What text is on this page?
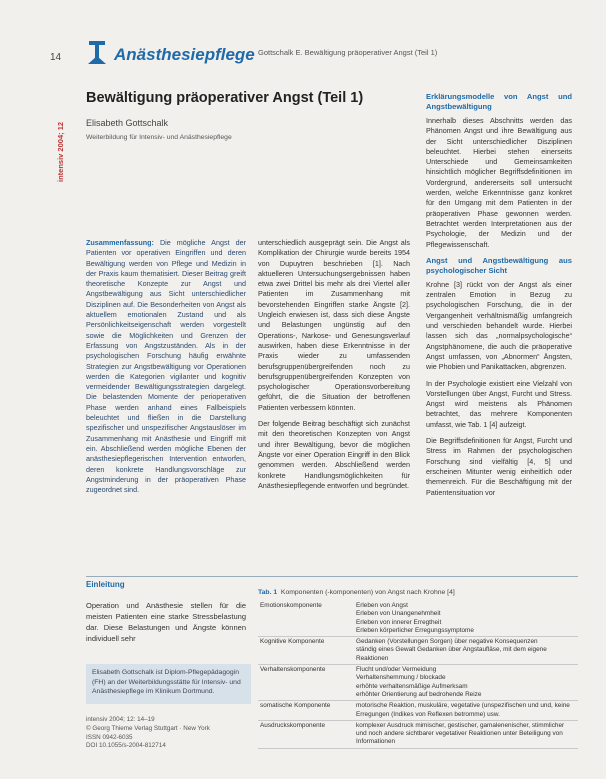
14	Anästhesiepflege Gottschalk E. Bewältigung präoperativer Angst (Teil 1)
intensiv 2004; 12
Bewältigung präoperativer Angst (Teil 1)
Elisabeth Gottschalk
Weiterbildung für Intensiv- und Anästhesiepflege

Zusammenfassung: Die mögliche Angst der Patienten vor operativen Eingriffen und deren Bewältigung werden von Pflege und Medizin in der Praxis kaum thematisiert. Dieser Beitrag greift theoretische Konzepte zur Angst und Angstbewältigung aus Sicht unterschiedlicher Disziplinen auf. Die Besonderheiten von Angst als aktuellem emotionalen Zustand und als Persönlichkeitseigenschaft werden vorgestellt sowie die Möglichkeiten und Grenzen der Erfassung von Angstzuständen. Als in der psychologischen Forschung häufig erwähnte Strategien zur Angstbewältigung vor Operationen werden die Kategorien vigilanter und kognitiv vermeidender Bewältigungsstrategien dargelegt. Die belastenden Momente der perioperativen Phase werden anhand eines Fallbeispiels beleuchtet und fließen in die Darstellung spezifischer und unspezifischer Angstauslöser im Zusammenhang mit Anästhesie und Eingriff mit ein. Abschließend werden mögliche Ebenen der anästhesiepflegerischen Intervention entworfen, deren konkrete Handlungsvorschläge zur Angstminderung in der präoperativen Phase zugeordnet sind.

unterschiedlich ausgeprägt sein. Die Angst als Komplikation der Chirurgie wurde bereits 1954 von Dupuytren beschrieben [1]. Nach aktuelleren Untersuchungsergebnissen haben etwa zwei Drittel bis mehr als drei Viertel aller Patienten im Zusammenhang mit bevorstehenden Eingriffen starke Ängste [2]. Ungleich erwiesen ist, dass sich diese Ängste und Belastungen ungünstig auf den Operations-, Narkose- und Genesungsverlauf auswirken, haben diese Erkenntnisse in der Praxis wieder zu umfassenden berufsgruppenübergreifenden noch zu berufsgruppenübergreifenden Konzepten von psychologischer Operationsvorbereitung geführt, die die Situation der betroffenen Patienten verbessern könnten.

Der folgende Beitrag beschäftigt sich zunächst mit den theoretischen Konzepten von Angst und ihrer Bewältigung, bevor die möglichen Ängste vor einer Operation Eingriff in den Blick genommen werden. Abschließend werden konkrete Handlungsmöglichkeiten für Anästhesiepflegende entworfen und begründet.

Erklärungsmodelle von Angst und Angstbewältigung

Innerhalb dieses Abschnitts werden das Phänomen Angst und ihre Bewältigung aus der Sicht unterschiedlicher Disziplinen beleuchtet. Hierbei stehen einerseits Unterschiede und Gemeinsamkeiten hinsichtlich möglicher Begriffsdefinitionen im Vordergrund, andererseits soll untersucht werden, welche Erkenntnisse ganz konkret für den Umgang mit dem Patienten in der präoperativen Phase gewonnen werden. Betrachtet werden Interpretationen aus der Psychologie, der Medizin und der Pflegewissenschaft.

Angst und Angstbewältigung aus psychologischer Sicht

Krohne [3] rückt von der Angst als einer zentralen Emotion in Bezug zu psychologischen Forschung, die in der Vergangenheit verhältnismäßig umfangreich und verschieden behandelt wurde. Hierbei lassen sich das „normalpsychologische“ Angstphänomene, die auch die präoperative Angst umfassen, von „Abnormen“ Ängsten, wie Phobien und Panikattacken, abgrenzen.

In der Psychologie existiert eine Vielzahl von Vorstellungen über Angst, Furcht und Stress. Angst wird meistens als Phänomen betrachtet, das mehrere Komponenten umfasst, wie Tab. 1 [4] aufzeigt.

Die Begriffsdefinitionen für Angst, Furcht und Stress im Rahmen der psychologischen Forschung sind vielfältig [4, 5] und erscheinen Mitunter wenig einheitlich oder themenreich. Für die Beschäftigung mit der Patientensituation vor

Einleitung
Operation und Anästhesie stellen für die meisten Patienten eine starke Stressbelastung dar. Diese Belastungen und Ängste können individuell sehr
Elisabeth Gottschalk ist Diplom-Pflegepädagogin (FH) an der Weiterbildungsstätte für Intensiv- und Anästhesiepflege im Klinikum Dortmund.
intensiv 2004; 12: 14–19
© Georg Thieme Verlag Stuttgart · New York
ISSN 0942-6035
DOI 10.1055/s-2004-812714
Tab. 1 Komponenten (-komponenten) von Angst nach Krohne [4]
Emotionskomponente	Erleben von Angst
Erleben von Unangenehmheit
Erleben von innerer Erregtheit
Erleben körperlicher Erregungssymptome

Kognitive Komponente	Gedanken (Vorstellungen Sorgen) über negative Konsequenzen
ständig eines Gewalt Gedanken über Angstaufläse, mit dem eigene Reaktionen

Verhaltenskomponente	Flucht und/oder Vermeidung
Verhaltenshemmung / blockade
erhöhte verhaltensmäßige Aufmerksam
erhöhter Orientierung auf bedrohende Reize

somatische Komponente	motorische Reaktion, muskuläre, vegetative (unspezifischen und und, keine Erregungen (Indikes von Reflexen betromme) usw.

Ausdruckskomponente	komplexer Ausdruck mimischer, gestischer, gamalenenischer, stimmlicher und noch andere sichtbarer vegetativer Reaktionen unter Beteiligung von Informationen
